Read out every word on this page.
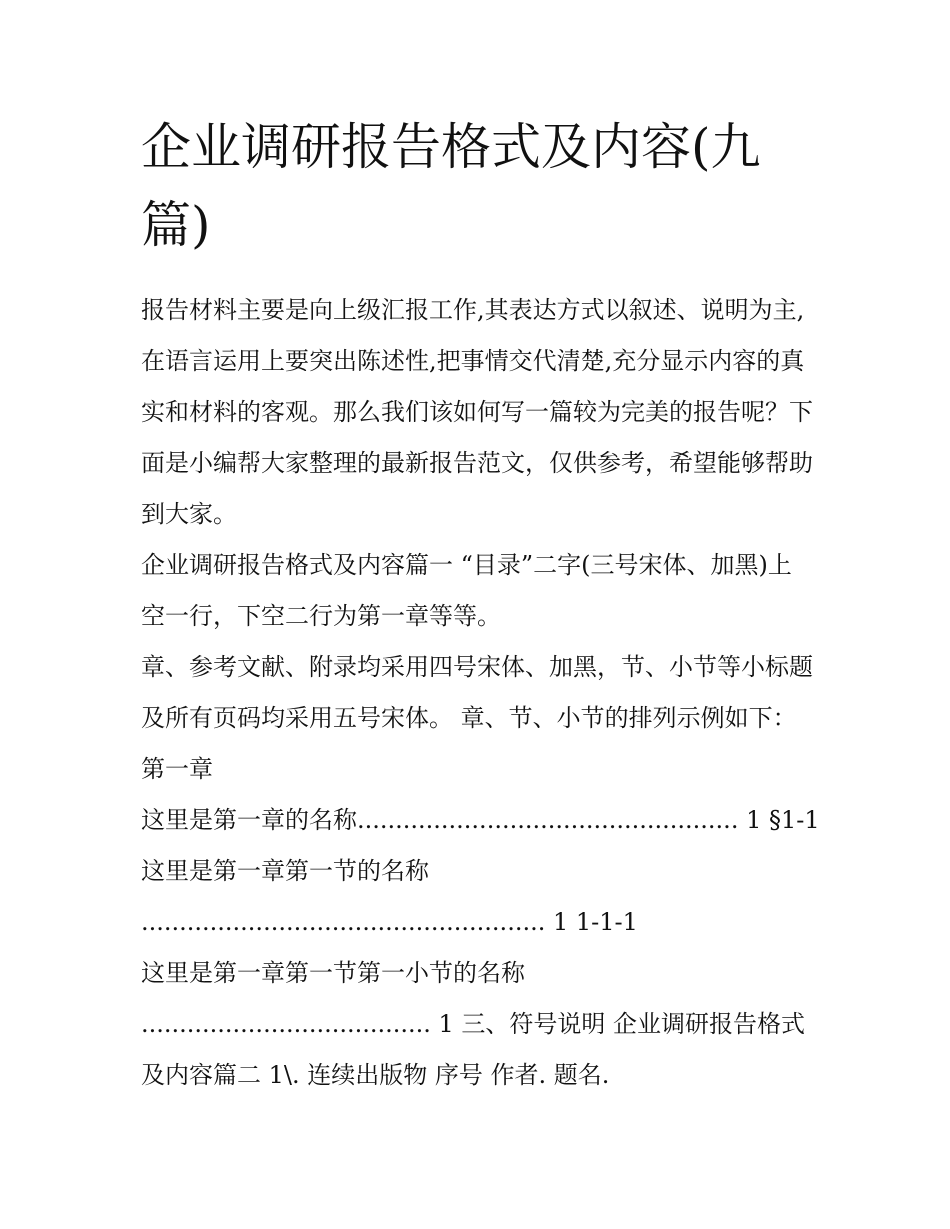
企业调研报告格式及内容(九篇)

报告材料主要是向上级汇报工作,其表达方式以叙述、说明为主,在语言运用上要突出陈述性,把事情交代清楚,充分显示内容的真实和材料的客观。那么我们该如何写一篇较为完美的报告呢？下面是小编帮大家整理的最新报告范文，仅供参考，希望能够帮助到大家。

企业调研报告格式及内容篇一 “目录”二字(三号宋体、加黑)上空一行，下空二行为第一章等等。

章、参考文献、附录均采用四号宋体、加黑，节、小节等小标题及所有页码均采用五号宋体。 章、节、小节的排列示例如下： 第一章

这里是第一章的名称.................................................. 1 §1-1

这里是第一章第一节的名称

..................................................... 1 1-1-1

这里是第一章第一节第一小节的名称

...................................... 1 三、符号说明 企业调研报告格式

及内容篇二 1\. 连续出版物 序号 作者. 题名.
